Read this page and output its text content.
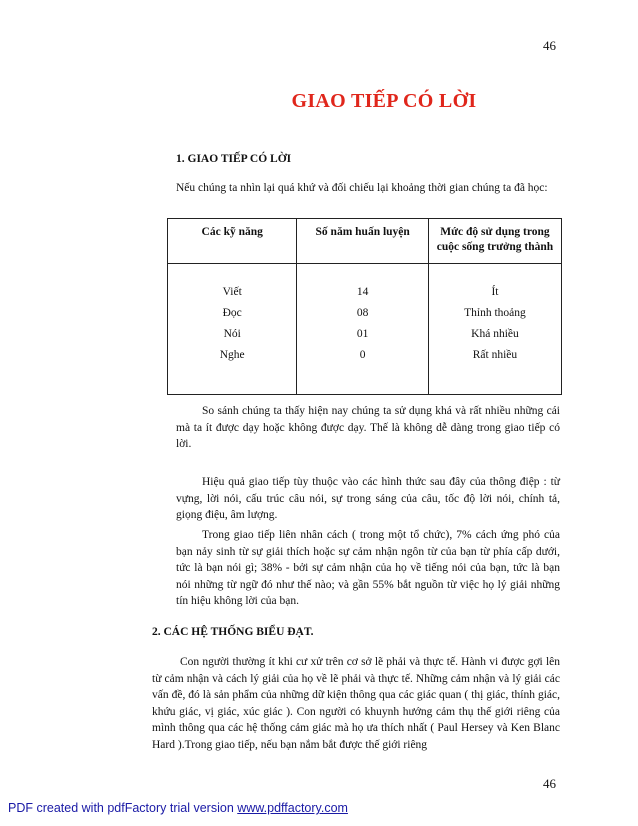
46
GIAO TIẾP CÓ LỜI
1. GIAO TIẾP CÓ LỜI
Nếu chúng ta nhìn lại quá khứ và đối chiếu lại khoảng thời gian chúng ta đã học:
Các kỹ năng	Số năm huấn luyện	Mức độ sử dụng trong cuộc sống trưởng thành

Viết	14	Ít
Đọc	08	Thỉnh thoảng
Nói	01	Khá nhiều
Nghe	0	Rất nhiều

So sánh chúng ta thấy hiện nay chúng ta sử dụng khá và rất nhiều những cái mà ta ít được dạy hoặc không được dạy. Thế là không dễ dàng trong giao tiếp có lời.

Hiệu quả giao tiếp tùy thuộc vào các hình thức sau đây của thông điệp : từ vựng, lời nói, cấu trúc câu nói, sự trong sáng của câu, tốc độ lời nói, chính tả, giọng điệu, âm lượng.

Trong giao tiếp liên nhân cách ( trong một tổ chức), 7% cách ứng phó của bạn nảy sinh từ sự giải thích hoặc sự cảm nhận ngôn từ của bạn từ phía cấp dưới, tức là bạn nói gì; 38% - bởi sự cảm nhận của họ về tiếng nói của bạn, tức là bạn nói những từ ngữ đó như thế nào; và gần 55% bắt nguồn từ việc họ lý giải những tín hiệu không lời của bạn.

2. CÁC HỆ THỐNG BIỂU ĐẠT.

Con người thường ít khi cư xử trên cơ sở lẽ phải và thực tế. Hành vi được gợi lên từ cảm nhận và cách lý giải của họ về lẽ phải và thực tế. Những cảm nhận và lý giải các vấn đề, đó là sản phẩm của những dữ kiện thông qua các giác quan ( thị giác, thính giác, khứu giác, vị giác, xúc giác ). Con người có khuynh hướng cảm thụ thế giới riêng của mình thông qua các hệ thống cảm giác mà họ ưa thích nhất ( Paul Hersey và Ken Blanc Hard ).Trong giao tiếp, nếu bạn nắm bắt được thế giới riêng

46
PDF created with pdfFactory trial version www.pdffactory.com
